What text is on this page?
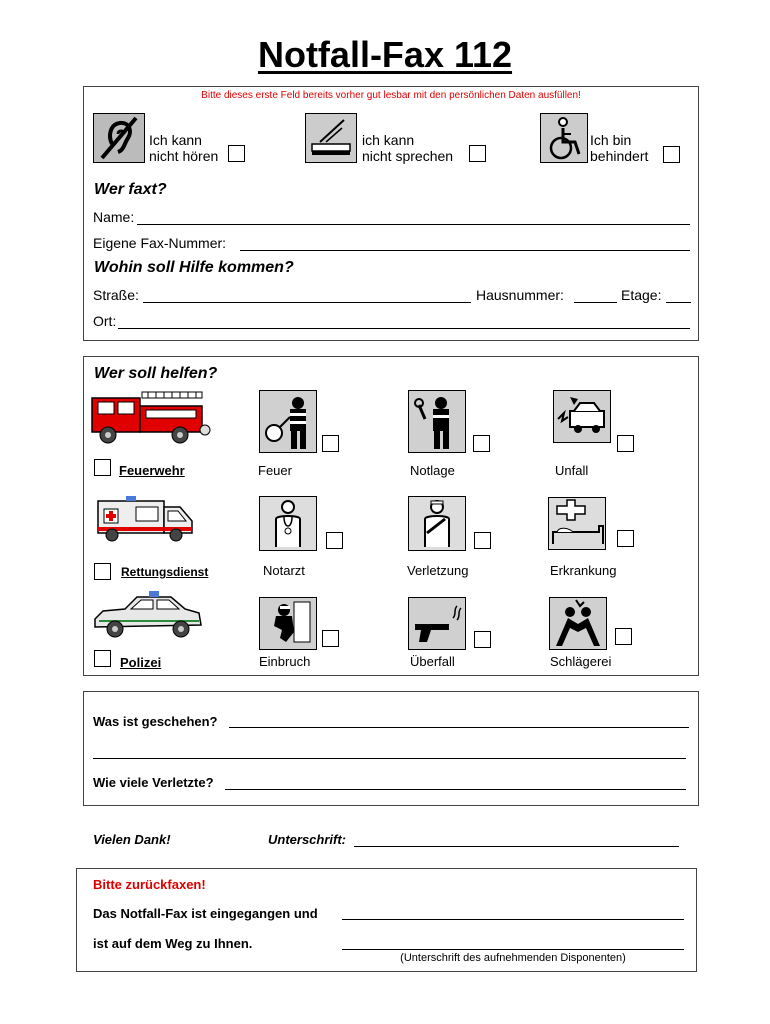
Notfall-Fax 112
Bitte dieses erste Feld bereits vorher gut lesbar mit den persönlichen Daten ausfüllen!
Ich kann
nicht hören
ich kann
nicht sprechen
Ich bin
behindert
Wer faxt?
Name:
Eigene Fax-Nummer:
Wohin soll Hilfe kommen?
Straße:	Hausnummer:	Etage:
Ort:
Wer soll helfen?
Feuerwehr	Feuer	Notlage	Unfall
Rettungsdienst	Notarzt	Verletzung	Erkrankung
Polizei	Einbruch	Überfall	Schlägerei
Was ist geschehen?
Wie viele Verletzte?
Vielen Dank!	Unterschrift:
Bitte zurückfaxen!
Das Notfall-Fax ist eingegangen und
ist auf dem Weg zu Ihnen.
(Unterschrift des aufnehmenden Disponenten)
